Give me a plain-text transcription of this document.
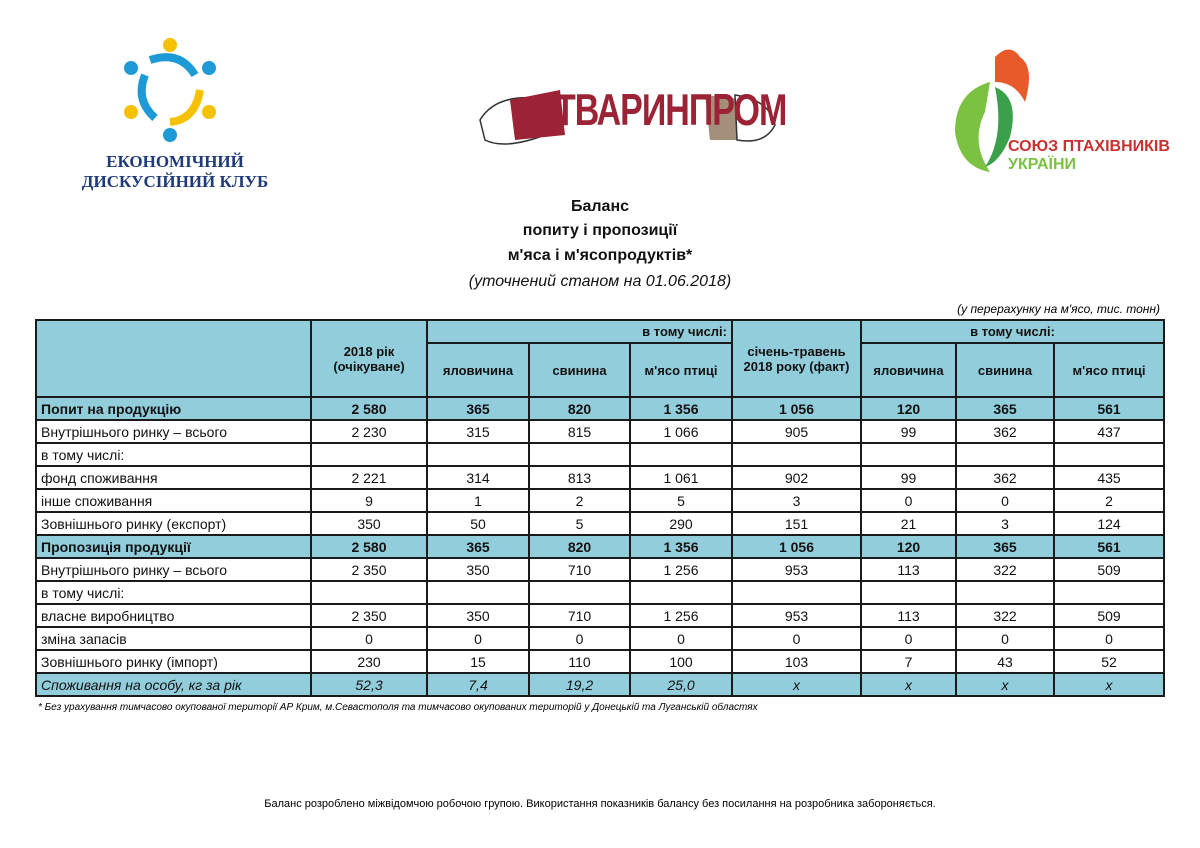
ЕКОНОМІЧНИЙ
ДИСКУСІЙНИЙ КЛУБ
ТВАРИНПРОМ
СОЮЗ ПТАХІВНИКІВ
УКРАЇНИ
Баланс
попиту і пропозиції
м'яса і м'ясопродуктів*
(уточнений станом на 01.06.2018)
(у перерахунку на м'ясо, тис. тонн)
	2018 рік (очікуване)	в тому числі:			січень-травень 2018 року (факт)	в тому числі:		
		яловичина	свинина	м'ясо птиці		яловичина	свинина	м'ясо птиці
Попит на продукцію	2 580	365	820	1 356	1 056	120	365	561
Внутрішнього ринку – всього	2 230	315	815	1 066	905	99	362	437
в тому числі:								
фонд споживання	2 221	314	813	1 061	902	99	362	435
інше споживання	9	1	2	5	3	0	0	2
Зовнішнього ринку (експорт)	350	50	5	290	151	21	3	124
Пропозиція продукції	2 580	365	820	1 356	1 056	120	365	561
Внутрішнього ринку – всього	2 350	350	710	1 256	953	113	322	509
в тому числі:								
власне виробництво	2 350	350	710	1 256	953	113	322	509
зміна запасів	0	0	0	0	0	0	0	0
Зовнішнього ринку (імпорт)	230	15	110	100	103	7	43	52
Споживання на особу, кг за рік	52,3	7,4	19,2	25,0	x	x	x	x
* Без урахування тимчасово окупованої території АР Крим, м.Севастополя та тимчасово окупованих територій у Донецькій та Луганській областях
Баланс розроблено міжвідомчою робочою групою. Використання показників балансу без посилання на розробника забороняється.
